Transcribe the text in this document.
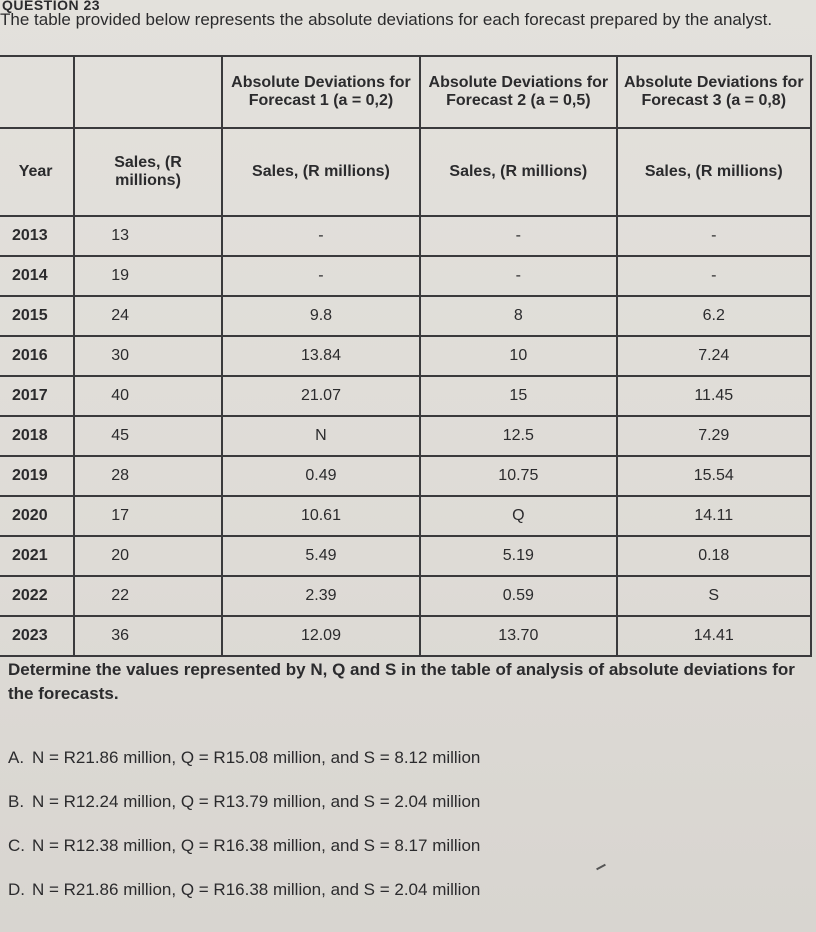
QUESTION 23
The table provided below represents the absolute deviations for each forecast prepared by the analyst.
		Absolute Deviations for Forecast 1 (a = 0,2)	Absolute Deviations for Forecast 2 (a = 0,5)	Absolute Deviations for Forecast 3 (a = 0,8)
Year	Sales, (R millions)	Sales, (R millions)	Sales, (R millions)	Sales, (R millions)
2013	13	-	-	-
2014	19	-	-	-
2015	24	9.8	8	6.2
2016	30	13.84	10	7.24
2017	40	21.07	15	11.45
2018	45	N	12.5	7.29
2019	28	0.49	10.75	15.54
2020	17	10.61	Q	14.11
2021	20	5.49	5.19	0.18
2022	22	2.39	0.59	S
2023	36	12.09	13.70	14.41
Determine the values represented by N, Q and S in the table of analysis of absolute deviations for the forecasts.
A. N = R21.86 million, Q = R15.08 million, and S = 8.12 million
B. N = R12.24 million, Q = R13.79 million, and S = 2.04 million
C. N = R12.38 million, Q = R16.38 million, and S = 8.17 million
D. N = R21.86 million, Q = R16.38 million, and S = 2.04 million
